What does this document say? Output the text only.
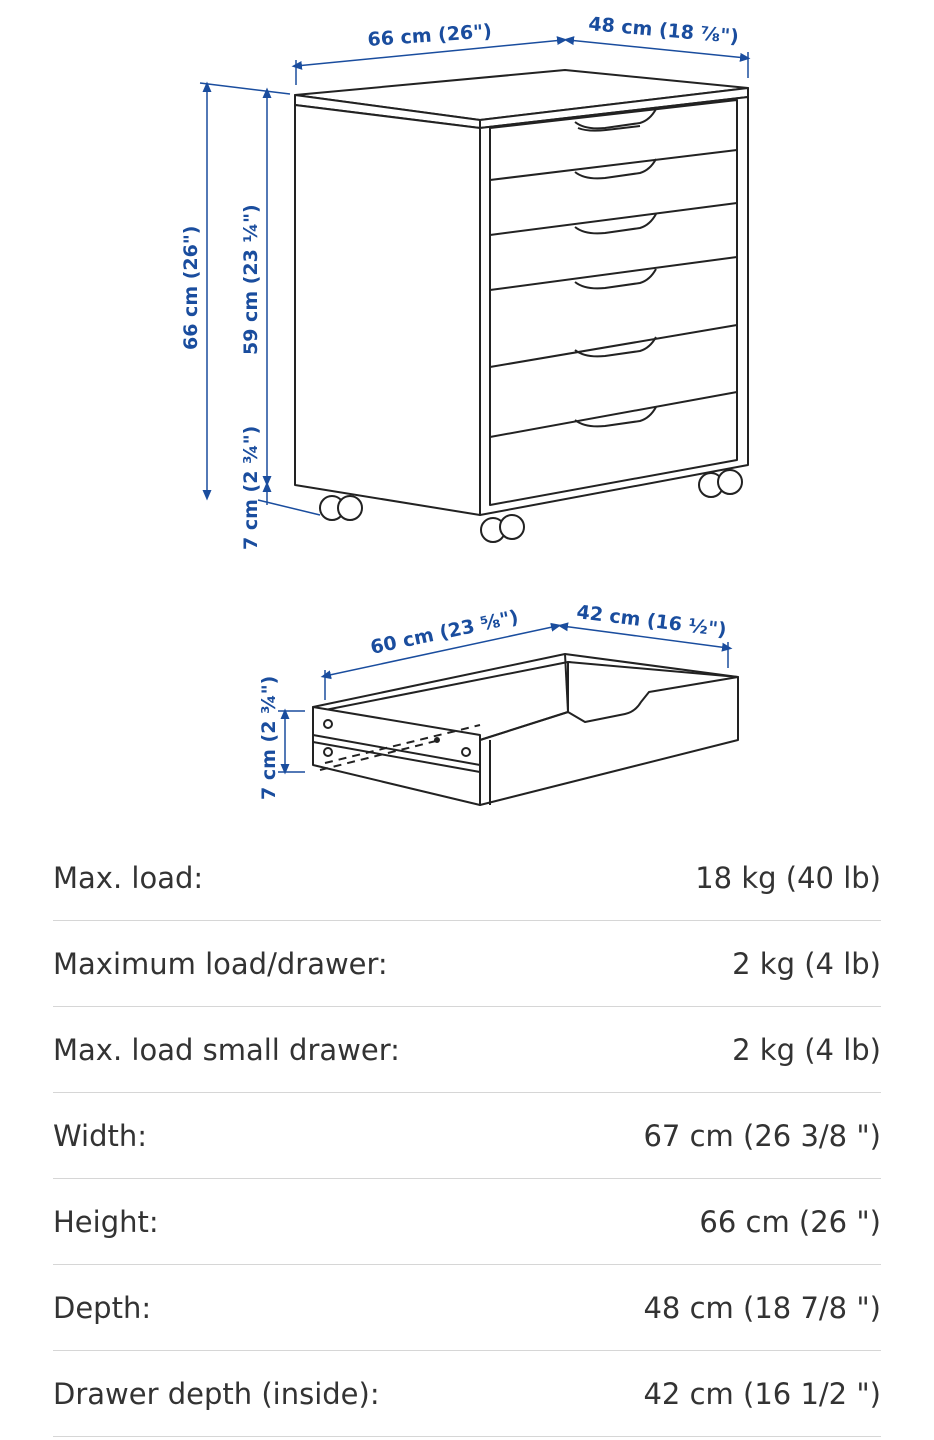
66 cm (26")	48 cm (18 ⅞")
66 cm (26") 59 cm (23 ¼")
7 cm (2 ¾")
60 cm (23 ⅝")	42 cm (16 ½")
7 cm (2 ¾")
Max. load:	18 kg (40 lb)
Maximum load/drawer:	2 kg (4 lb)
Max. load small drawer:	2 kg (4 lb)
Width:	67 cm (26 3/8 ")
Height:	66 cm (26 ")
Depth:	48 cm (18 7/8 ")
Drawer depth (inside):	42 cm (16 1/2 ")
